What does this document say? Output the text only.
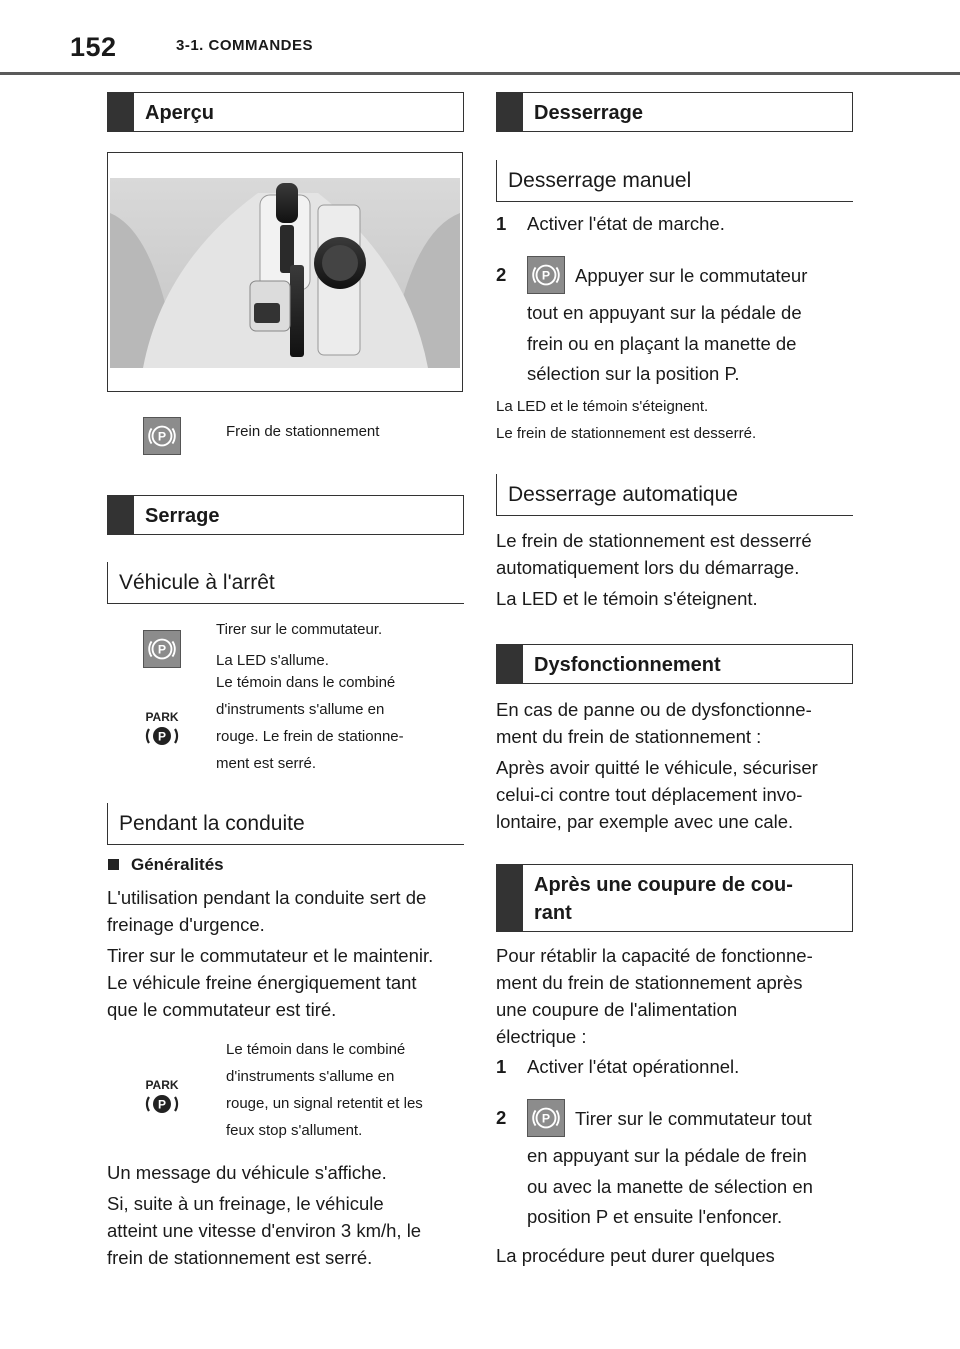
152	3-1. COMMANDES
Aperçu
P	Frein de stationnement
Serrage
Véhicule à l'arrêt
P
Tirer sur le commutateur.
La LED s'allume.
Le témoin dans le combiné
d'instruments s'allume en
rouge. Le frein de stationne-
ment est serré.
PARK
P
Pendant la conduite
Généralités
L'utilisation pendant la conduite sert de
freinage d'urgence.
Tirer sur le commutateur et le maintenir.
Le véhicule freine énergiquement tant
que le commutateur est tiré.
PARK
P
Le témoin dans le combiné
d'instruments s'allume en
rouge, un signal retentit et les
feux stop s'allument.
Un message du véhicule s'affiche.
Si, suite à un freinage, le véhicule
atteint une vitesse d'environ 3 km/h, le
frein de stationnement est serré.
Desserrage
Desserrage manuel
1 Activer l'état de marche.
2	P Appuyer sur le commutateur
tout en appuyant sur la pédale de
frein ou en plaçant la manette de
sélection sur la position P.
La LED et le témoin s'éteignent.
Le frein de stationnement est desserré.
Desserrage automatique
Le frein de stationnement est desserré
automatiquement lors du démarrage.
La LED et le témoin s'éteignent.
Dysfonctionnement
En cas de panne ou de dysfonctionne-
ment du frein de stationnement :
Après avoir quitté le véhicule, sécuriser
celui-ci contre tout déplacement invo-
lontaire, par exemple avec une cale.
Après une coupure de cou-
rant
Pour rétablir la capacité de fonctionne-
ment du frein de stationnement après
une coupure de l'alimentation
électrique :
1 Activer l'état opérationnel.
2	P Tirer sur le commutateur tout
en appuyant sur la pédale de frein
ou avec la manette de sélection en
position P et ensuite l'enfoncer.
La procédure peut durer quelques
